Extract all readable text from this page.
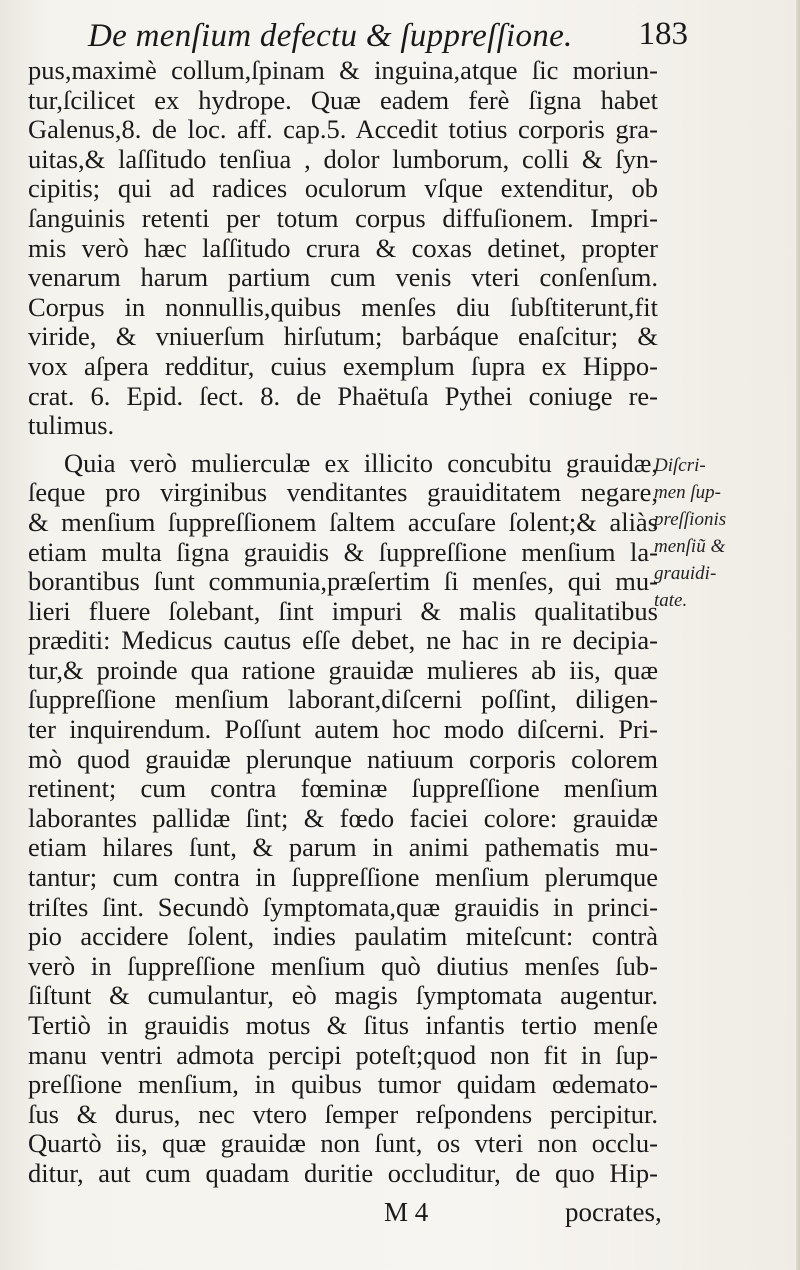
De menſium defectu & ſuppreſſione. 183
pus,maximè collum,ſpinam & inguina,atque ſic moriun-
tur,ſcilicet ex hydrope. Quæ eadem ferè ſigna habet
Galenus,8. de loc. aff. cap.5. Accedit totius corporis gra-
uitas,& laſſitudo tenſiua , dolor lumborum, colli & ſyn-
cipitis; qui ad radices oculorum vſque extenditur, ob
ſanguinis retenti per totum corpus diffuſionem. Impri-
mis verò hæc laſſitudo crura & coxas detinet, propter
venarum harum partium cum venis vteri conſenſum.
Corpus in nonnullis,quibus menſes diu ſubſtiterunt,fit
viride, & vniuerſum hirſutum; barbáque enaſcitur; &
vox aſpera redditur, cuius exemplum ſupra ex Hippo-
crat. 6. Epid. ſect. 8. de Phaëtuſa Pythei coniuge re-
tulimus.
Quia verò mulierculæ ex illicito concubitu grauidæ,
ſeque pro virginibus venditantes grauiditatem negare,
& menſium ſuppreſſionem ſaltem accuſare ſolent;& aliàs
etiam multa ſigna grauidis & ſuppreſſione menſium la-
borantibus ſunt communia,præſertim ſi menſes, qui mu-
lieri fluere ſolebant, ſint impuri & malis qualitatibus
præditi: Medicus cautus eſſe debet, ne hac in re decipia-
tur,& proinde qua ratione grauidæ mulieres ab iis, quæ
ſuppreſſione menſium laborant,diſcerni poſſint, diligen-
ter inquirendum. Poſſunt autem hoc modo diſcerni. Pri-
mò quod grauidæ plerunque natiuum corporis colorem
retinent; cum contra fœminæ ſuppreſſione menſium
laborantes pallidæ ſint; & fœdo faciei colore: grauidæ
etiam hilares ſunt, & parum in animi pathematis mu-
tantur; cum contra in ſuppreſſione menſium plerumque
triſtes ſint. Secundò ſymptomata,quæ grauidis in princi-
pio accidere ſolent, indies paulatim miteſcunt: contrà
verò in ſuppreſſione menſium quò diutius menſes ſub-
ſiſtunt & cumulantur, eò magis ſymptomata augentur.
Tertiò in grauidis motus & ſitus infantis tertio menſe
manu ventri admota percipi poteſt;quod non fit in ſup-
preſſione menſium, in quibus tumor quidam œdemato-
ſus & durus, nec vtero ſemper reſpondens percipitur.
Quartò iis, quæ grauidæ non ſunt, os vteri non occlu-
ditur, aut cum quadam duritie occluditur, de quo Hip-
Diſcri-
men ſup-
preſſionis
menſiũ &
grauidi-
tate.
M 4	pocrates,
